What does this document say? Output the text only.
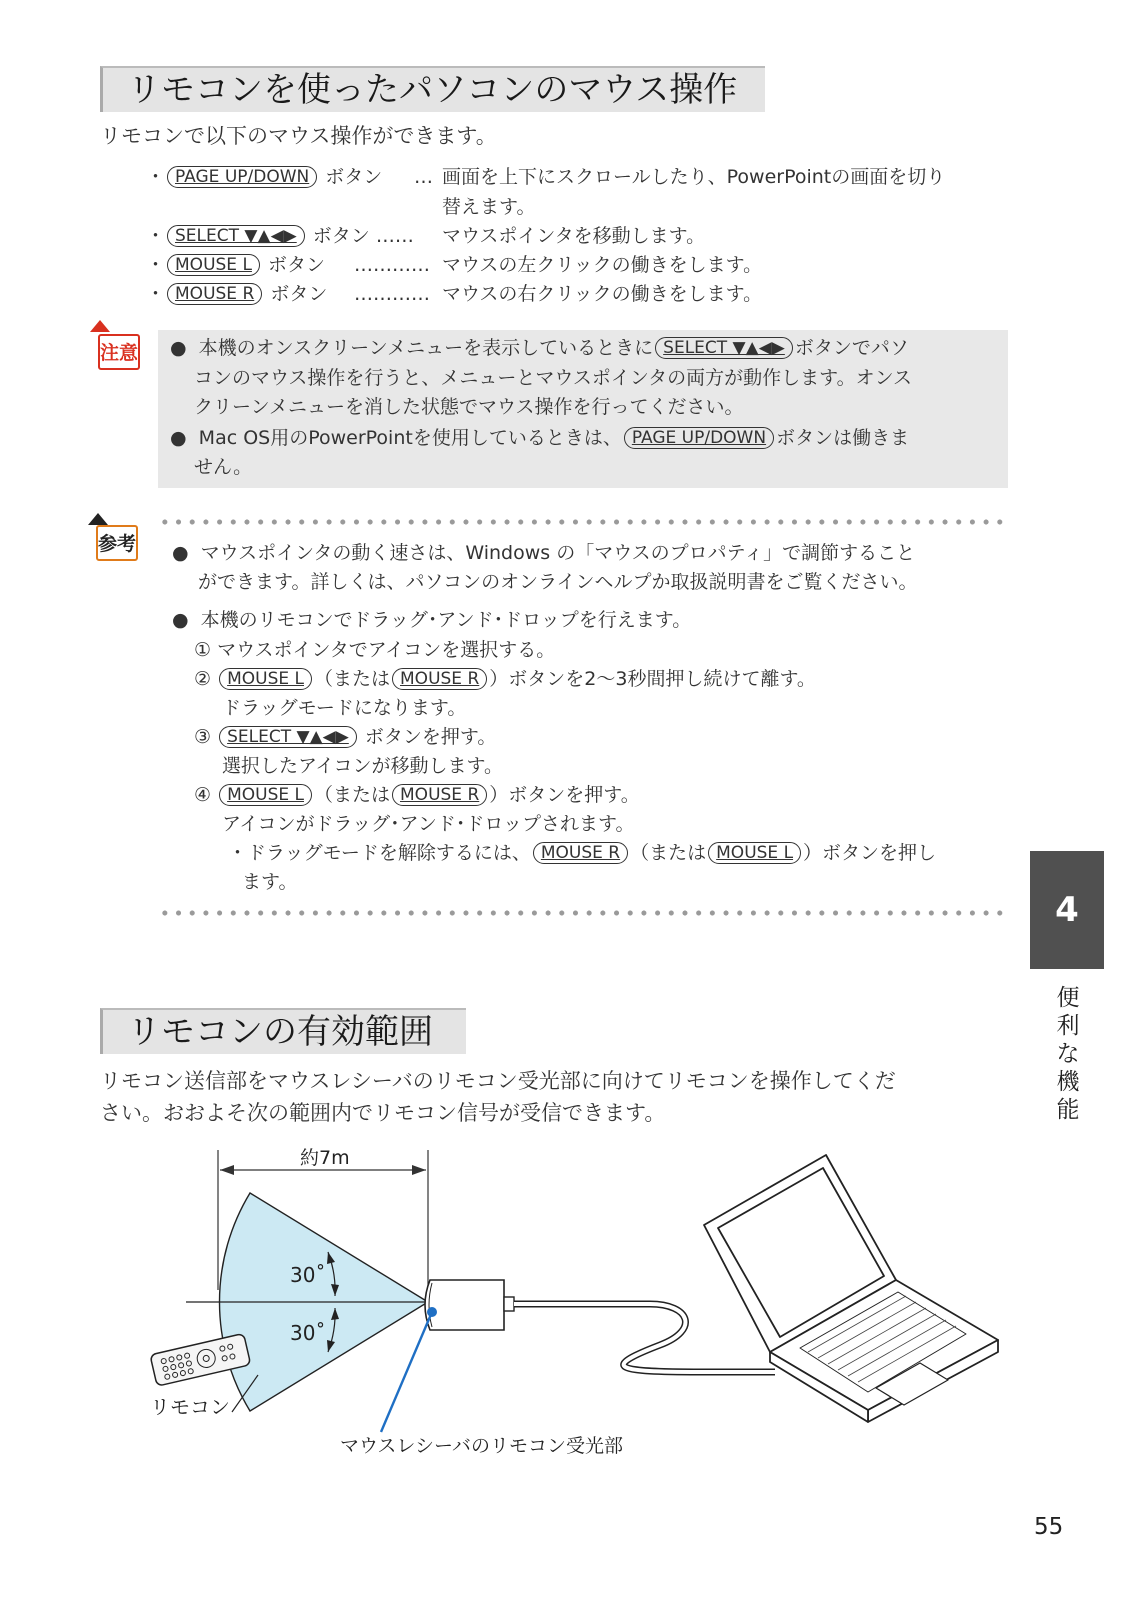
リモコンを使ったパソコンのマウス操作
リモコンで以下のマウス操作ができます。
・ PAGE UP/DOWN ボタン … 画面を上下にスクロールしたり、PowerPointの画面を切り
替えます。
・ SELECT ▼▲◀▶ ボタン …… マウスポインタを移動します。
・ MOUSE L ボタン ………… マウスの左クリックの働きをします。
・ MOUSE R ボタン ………… マウスの右クリックの働きをします。
注意 ●  本機のオンスクリーンメニューを表示しているときに SELECT ▼▲◀▶ ボタンでパソ
コンのマウス操作を行うと、メニューとマウスポインタの両方が動作します。オンス
クリーンメニューを消した状態でマウス操作を行ってください。
●  Mac OS用のPowerPointを使用しているときは、 PAGE UP/DOWN ボタンは働きま
せん。
参考 ●  マウスポインタの動く速さは、Windows の「マウスのプロパティ」で調節すること
ができます。詳しくは、パソコンのオンラインヘルプか取扱説明書をご覧ください。
●  本機のリモコンでドラッグ･アンド･ドロップを行えます。
① マウスポインタでアイコンを選択する。
② MOUSE L （または MOUSE R ）ボタンを2〜3秒間押し続けて離す。
ドラッグモードになります。
③ SELECT ▼▲◀▶ ボタンを押す。
選択したアイコンが移動します。
④ MOUSE L （または MOUSE R ）ボタンを押す。
アイコンがドラッグ･アンド･ドロップされます。
・ドラッグモードを解除するには、 MOUSE R （または MOUSE L ）ボタンを押し
ます。
4
便
利
な
機
能
リモコンの有効範囲
リモコン送信部をマウスレシーバのリモコン受光部に向けてリモコンを操作してくだ
さい。おおよそ次の範囲内でリモコン信号が受信できます。
約7m
30˚
30˚
リモコン
マウスレシーバのリモコン受光部
55
